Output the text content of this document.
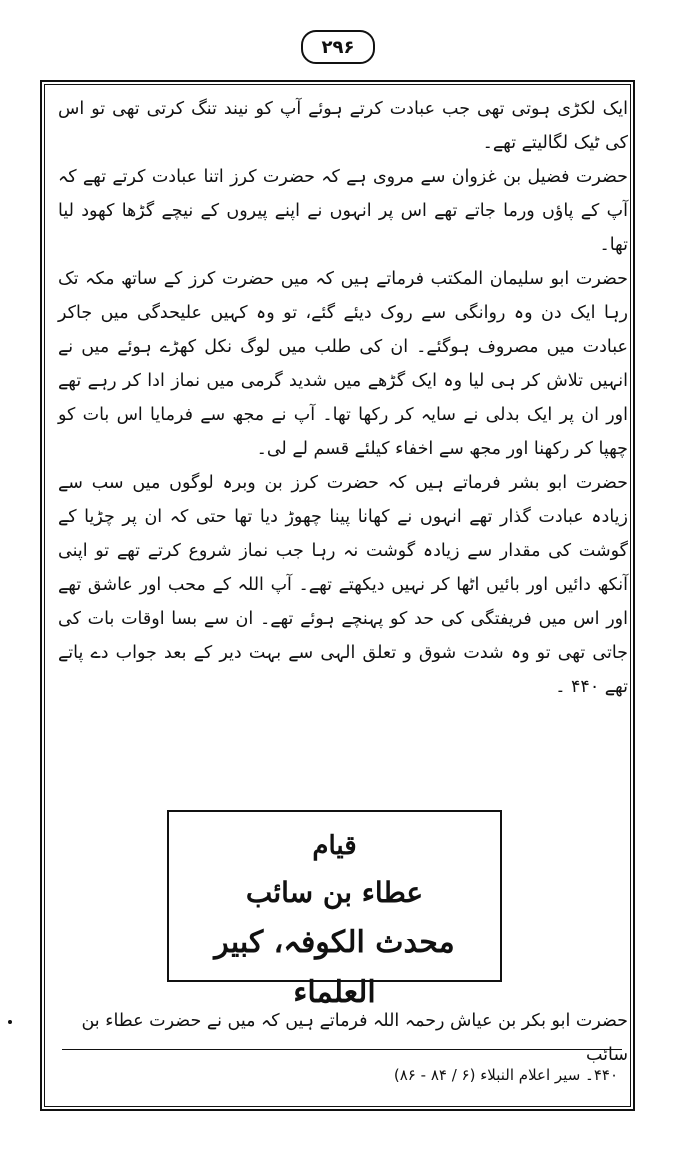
۲۹۶

ایک لکڑی ہوتی تھی جب عبادت کرتے ہوئے آپ کو نیند تنگ کرتی تھی تو اس کی ٹیک لگالیتے تھے۔

حضرت فضیل بن غزوان سے مروی ہے کہ حضرت کرز اتنا عبادت کرتے تھے کہ آپ کے پاؤں ورما جاتے تھے اس پر انہوں نے اپنے پیروں کے نیچے گڑھا کھود لیا تھا۔

حضرت ابو سلیمان المکتب فرماتے ہیں کہ میں حضرت کرز کے ساتھ مکہ تک رہا ایک دن وہ روانگی سے روک دیئے گئے، تو وہ کہیں علیحدگی میں جاکر عبادت میں مصروف ہوگئے۔ ان کی طلب میں لوگ نکل کھڑے ہوئے میں نے انہیں تلاش کر ہی لیا وہ ایک گڑھے میں شدید گرمی میں نماز ادا کر رہے تھے اور ان پر ایک بدلی نے سایہ کر رکھا تھا۔ آپ نے مجھ سے فرمایا اس بات کو چھپا کر رکھنا اور مجھ سے اخفاء کیلئے قسم لے لی۔

حضرت ابو بشر فرماتے ہیں کہ حضرت کرز بن وبرہ لوگوں میں سب سے زیادہ عبادت گذار تھے انہوں نے کھانا پینا چھوڑ دیا تھا حتی کہ ان پر چڑیا کے گوشت کی مقدار سے زیادہ گوشت نہ رہا جب نماز شروع کرتے تھے تو اپنی آنکھ دائیں اور بائیں اٹھا کر نہیں دیکھتے تھے۔ آپ اللہ کے محب اور عاشق تھے اور اس میں فریفتگی کی حد کو پہنچے ہوئے تھے۔ ان سے بسا اوقات بات کی جاتی تھی تو وہ شدت شوق و تعلق الہی سے بہت دیر کے بعد جواب دے پاتے تھے ۴۴۰ ۔

قیام
عطاء بن سائب
محدث الکوفہ، کبیر العلماء
حضرت ابو بکر بن عیاش رحمہ اللہ فرماتے ہیں کہ میں نے حضرت عطاء بن سائب
۴۴۰۔ سیر اعلام النبلاء (۶ / ۸۴ - ۸۶)
